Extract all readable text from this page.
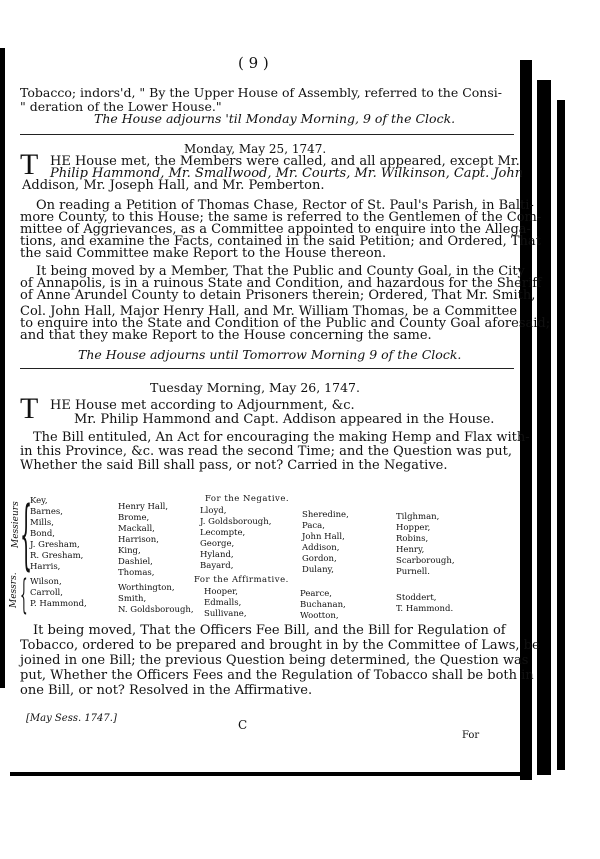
( 9 )
Tobacco; indors'd, " By the Upper House of Assembly, referred to the Consi-
" deration of the Lower House."
The House adjourns 'til Monday Morning, 9 of the Clock.
Monday, May 25, 1747.
T HE House met, the Members were called, and all appeared, except Mr.
Philip Hammond, Mr. Smallwood, Mr. Courts, Mr. Wilkinson, Capt. John
Addison, Mr. Joseph Hall, and Mr. Pemberton.
On reading a Petition of Thomas Chase, Rector of St. Paul's Parish, in Balti-
more County, to this House; the same is referred to the Gentlemen of the Com-
mittee of Aggrievances, as a Committee appointed to enquire into the Allega-
tions, and examine the Facts, contained in the said Petition; and Ordered, That
the said Committee make Report to the House thereon.
It being moved by a Member, That the Public and County Goal, in the City
of Annapolis, is in a ruinous State and Condition, and hazardous for the Sheriff
of Anne Arundel County to detain Prisoners therein; Ordered, That Mr. Smith,
Col. John Hall, Major Henry Hall, and Mr. William Thomas, be a Committee
to enquire into the State and Condition of the Public and County Goal aforesaid;
and that they make Report to the House concerning the same.
The House adjourns until Tomorrow Morning 9 of the Clock.
Tuesday Morning, May 26, 1747.
T HE House met according to Adjournment, &c.
Mr. Philip Hammond and Capt. Addison appeared in the House.
The Bill entituled, An Act for encouraging the making Hemp and Flax with-
in this Province, &c. was read the second Time; and the Question was put,
Whether the said Bill shall pass, or not? Carried in the Negative.
For the Negative.
Messieurs {
Key,
Barnes,
Mills,
Bond,
J. Gresham,
R. Gresham,
Harris,
Henry Hall,
Brome,
Mackall,
Harrison,
King,
Dashiel,
Thomas,
Lloyd,
J. Goldsborough,
Lecompte,
George,
Hyland,
Bayard,
Sheredine,
Paca,
John Hall,
Addison,
Gordon,
Dulany,
Tilghman,
Hopper,
Robins,
Henry,
Scarborough,
Purnell.
For the Affirmative.
Messrs. { Wilson,
Carroll,
P. Hammond,
Worthington,
Smith,
N. Goldsborough,
Hooper,
Edmalls,
Sullivane,
Pearce,
Buchanan,
Wootton,
Stoddert,
T. Hammond.
It being moved, That the Officers Fee Bill, and the Bill for Regulation of
Tobacco, ordered to be prepared and brought in by the Committee of Laws, be
joined in one Bill; the previous Question being determined, the Question was
put, Whether the Officers Fees and the Regulation of Tobacco shall be both in
one Bill, or not? Resolved in the Affirmative.
[May Sess. 1747.]	C
For
